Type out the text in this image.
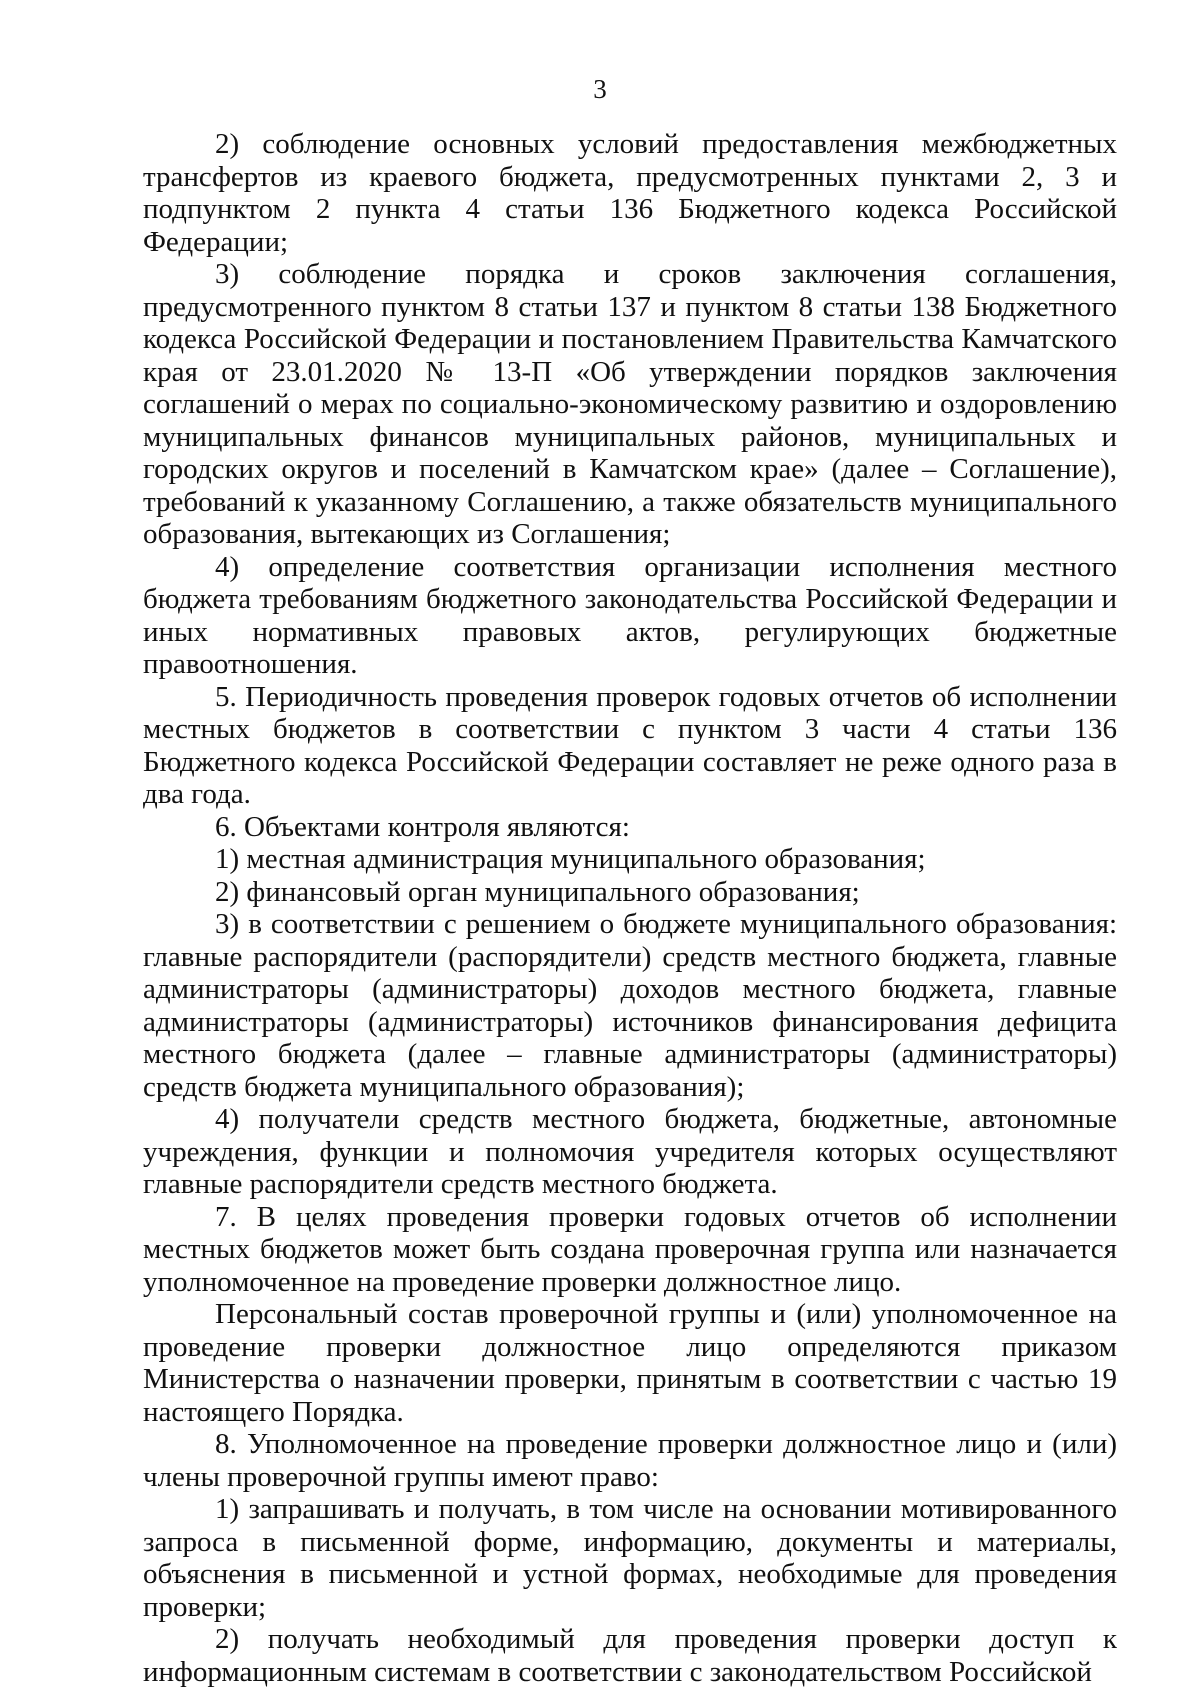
3

2) соблюдение основных условий предоставления межбюджетных трансфертов из краевого бюджета, предусмотренных пунктами 2, 3 и подпунктом 2 пункта 4 статьи 136 Бюджетного кодекса Российской Федерации;

3) соблюдение порядка и сроков заключения соглашения, предусмотренного пунктом 8 статьи 137 и пунктом 8 статьи 138 Бюджетного кодекса Российской Федерации и постановлением Правительства Камчатского края от 23.01.2020 № 13-П «Об утверждении порядков заключения соглашений о мерах по социально-экономическому развитию и оздоровлению муниципальных финансов муниципальных районов, муниципальных и городских округов и поселений в Камчатском крае» (далее – Соглашение), требований к указанному Соглашению, а также обязательств муниципального образования, вытекающих из Соглашения;

4) определение соответствия организации исполнения местного бюджета требованиям бюджетного законодательства Российской Федерации и иных нормативных правовых актов, регулирующих бюджетные правоотношения.

5. Периодичность проведения проверок годовых отчетов об исполнении местных бюджетов в соответствии с пунктом 3 части 4 статьи 136 Бюджетного кодекса Российской Федерации составляет не реже одного раза в два года.

6. Объектами контроля являются:

1) местная администрация муниципального образования;

2) финансовый орган муниципального образования;

3) в соответствии с решением о бюджете муниципального образования: главные распорядители (распорядители) средств местного бюджета, главные администраторы (администраторы) доходов местного бюджета, главные администраторы (администраторы) источников финансирования дефицита местного бюджета (далее – главные администраторы (администраторы) средств бюджета муниципального образования);

4) получатели средств местного бюджета, бюджетные, автономные учреждения, функции и полномочия учредителя которых осуществляют главные распорядители средств местного бюджета.

7. В целях проведения проверки годовых отчетов об исполнении местных бюджетов может быть создана проверочная группа или назначается уполномоченное на проведение проверки должностное лицо.

Персональный состав проверочной группы и (или) уполномоченное на проведение проверки должностное лицо определяются приказом Министерства о назначении проверки, принятым в соответствии с частью 19 настоящего Порядка.

8. Уполномоченное на проведение проверки должностное лицо и (или) члены проверочной группы имеют право:

1) запрашивать и получать, в том числе на основании мотивированного запроса в письменной форме, информацию, документы и материалы, объяснения в письменной и устной формах, необходимые для проведения проверки;

2) получать необходимый для проведения проверки доступ к информационным системам в соответствии с законодательством Российской
